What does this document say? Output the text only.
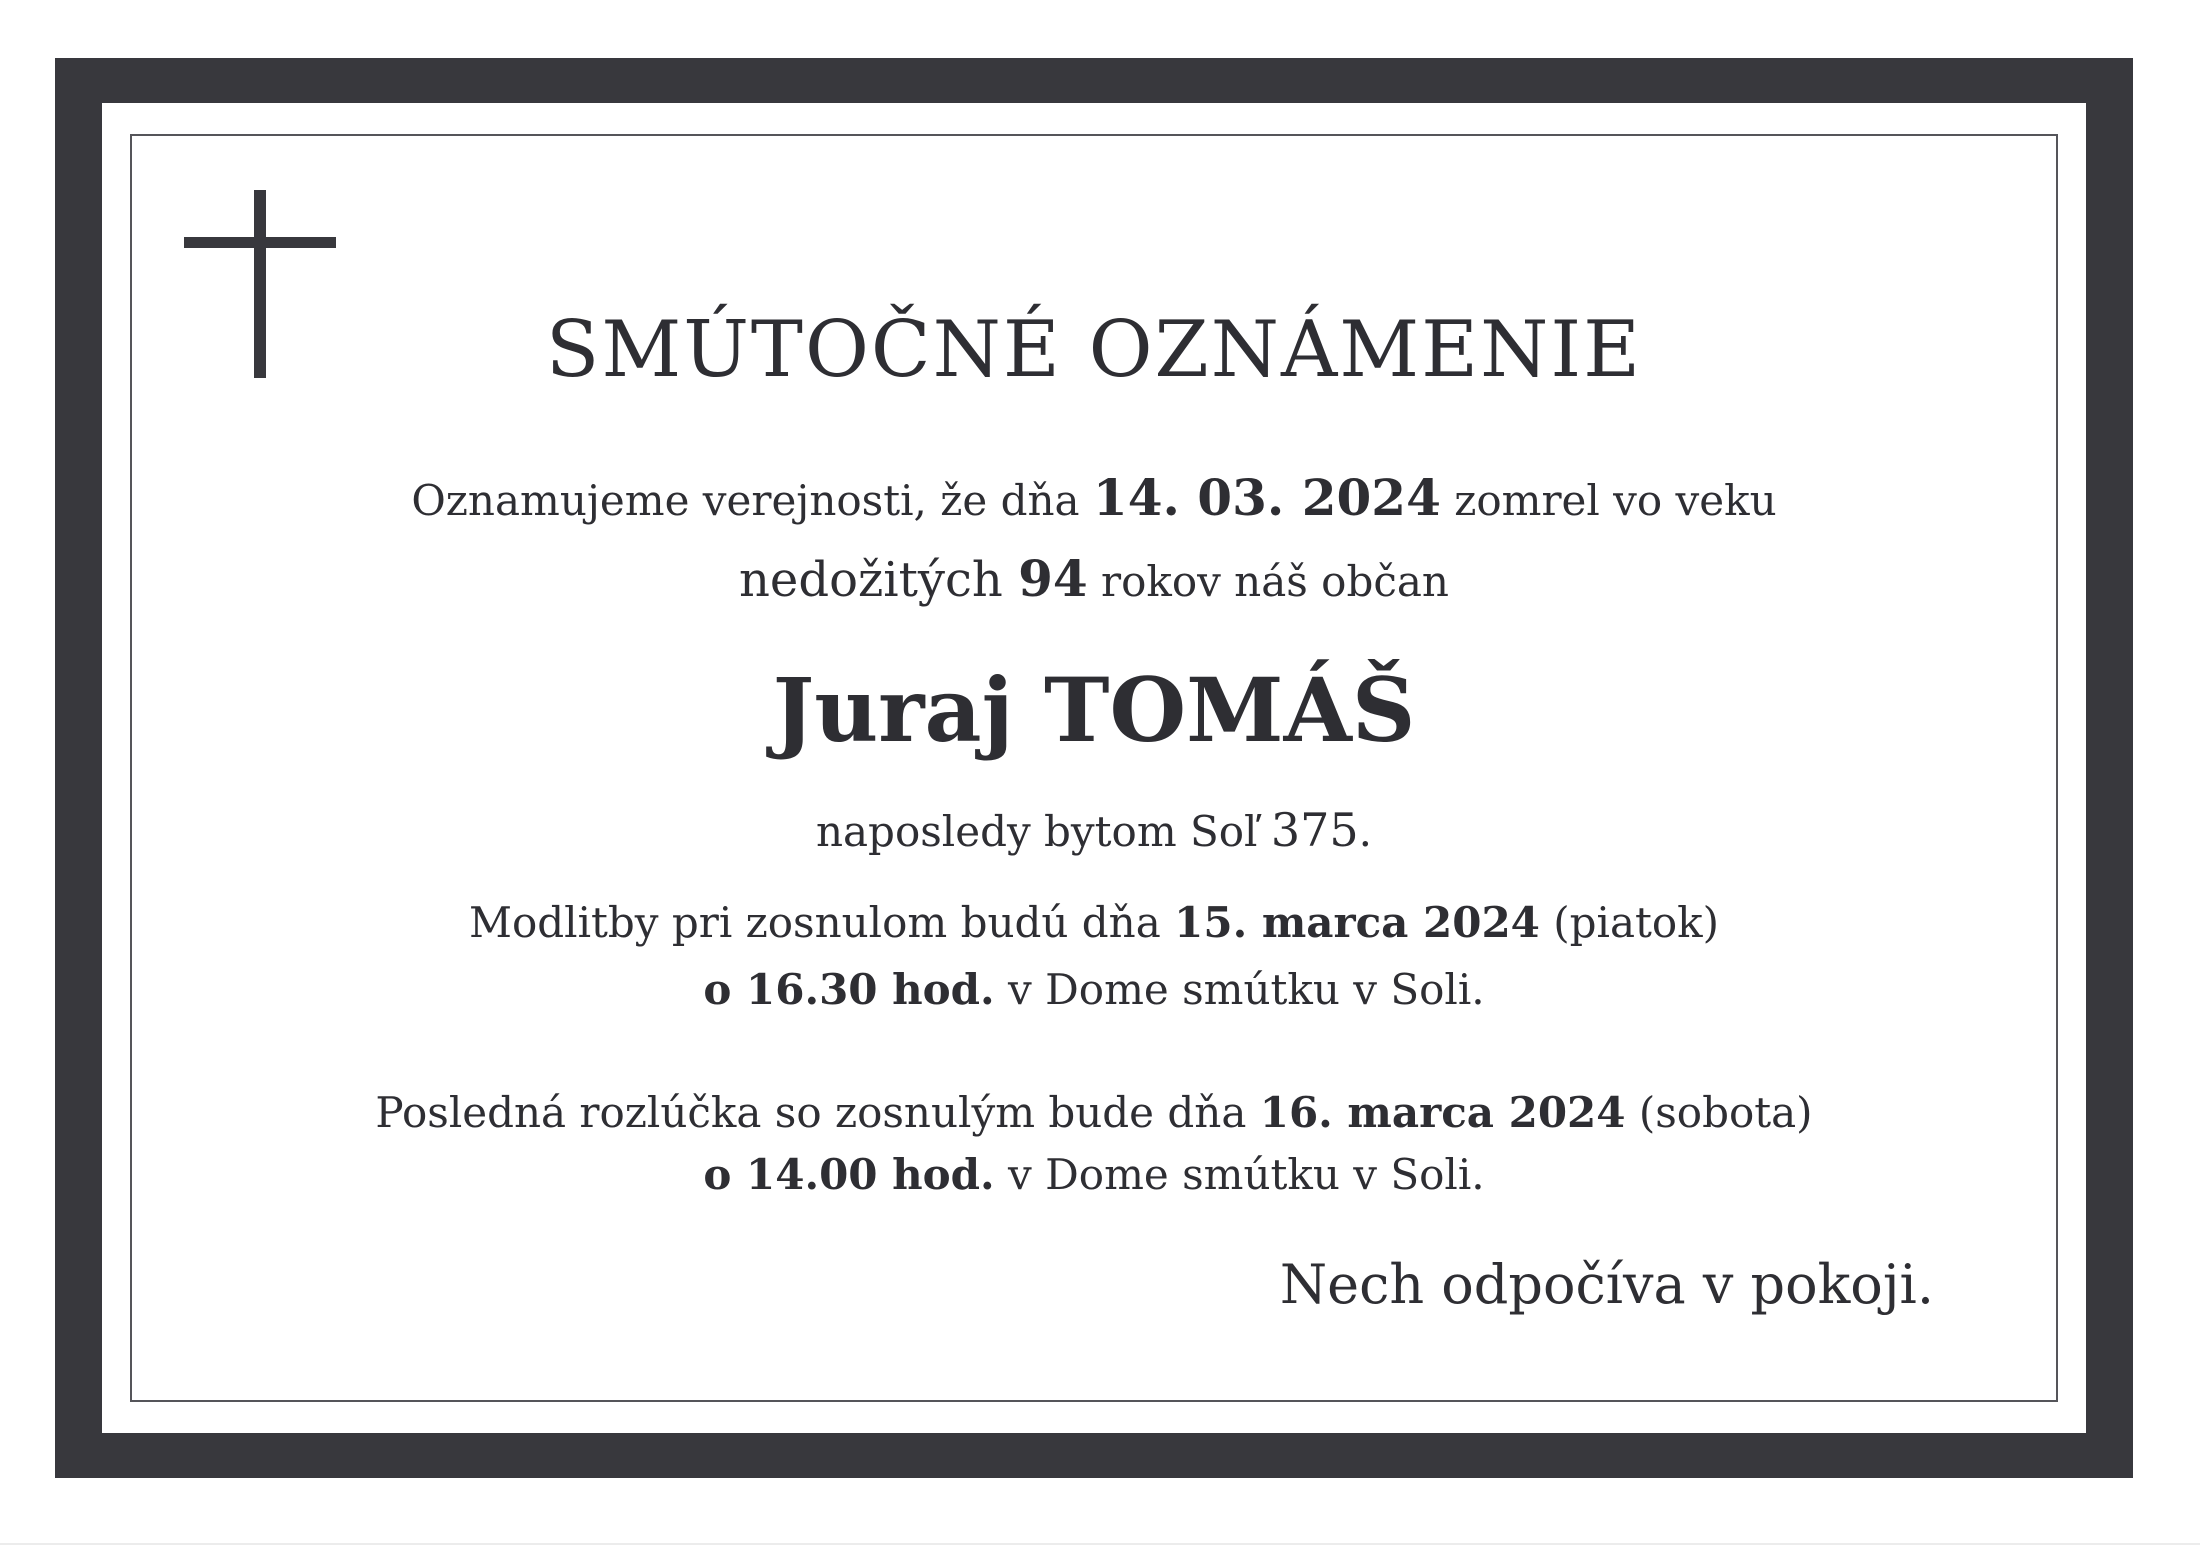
SMÚTOČNÉ OZNÁMENIE
Oznamujeme verejnosti, že dňa 14. 03. 2024 zomrel vo veku
nedožitých 94 rokov náš občan
Juraj TOMÁŠ
naposledy bytom Soľ 375.
Modlitby pri zosnulom budú dňa 15. marca 2024 (piatok)
o 16.30 hod. v Dome smútku v Soli.
Posledná rozlúčka so zosnulým bude dňa 16. marca 2024 (sobota)
o 14.00 hod. v Dome smútku v Soli.
Nech odpočíva v pokoji.
